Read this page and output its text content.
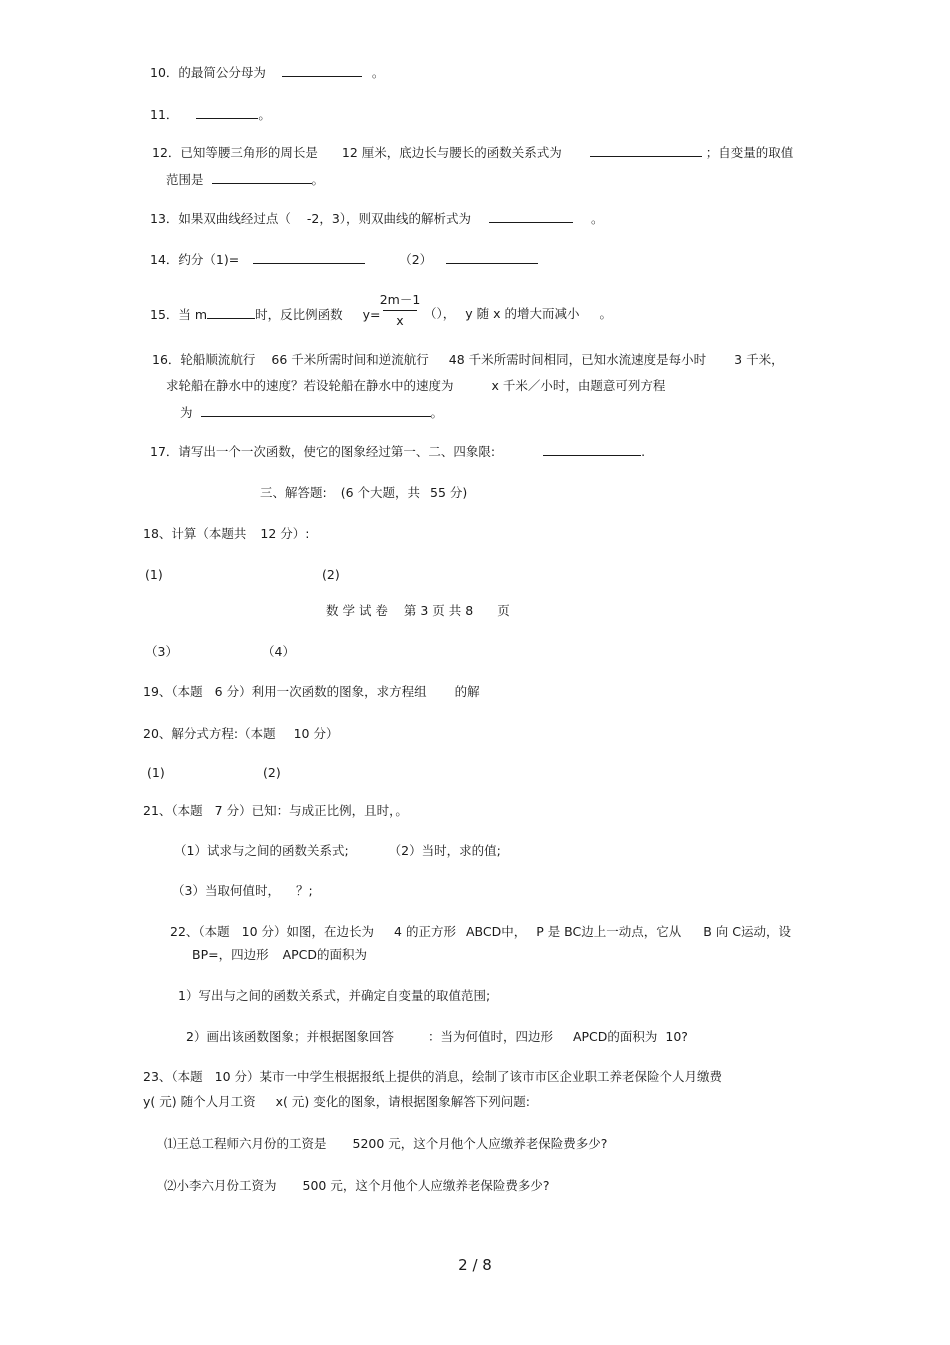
10．的最简公分母为	。
11．	。
12．已知等腰三角形的周长是 12 厘米，底边长与腰长的函数关系式为	；自变量的取值
范围是	。
13．如果双曲线经过点（ -2，3），则双曲线的解析式为	。
14．约分（1)=	（2）
15．当 m	时，反比例函数 y=
2m－1
x	（）， y 随 x 的增大而减小 。
16．轮船顺流航行 66 千米所需时间和逆流航行 48 千米所需时间相同，已知水流速度是每小时 3 千米，
求轮船在静水中的速度？若设轮船在静水中的速度为	x 千米／小时，由题意可列方程
为	。
17．请写出一个一次函数，使它的图象经过第一、二、四象限:	.
三、解答题: (6 个大题，共 55 分)
18、计算（本题共 12 分）:
(1)	(2)
数 学 试 卷 第 3 页 共 8 页
（3）	（4）
19、（本题 6 分）利用一次函数的图象，求方程组 的解
20、解分式方程:（本题 10 分）
(1)	(2)
21、（本题 7 分）已知：与成正比例，且时，。
（1）试求与之间的函数关系式;	（2）当时，求的值;
（3）当取何值时， ？;
22、（本题 10 分）如图，在边长为 4 的正方形 ABCD中， P 是 BC边上一动点，它从 B 向 C运动，设
BP=，四边形 APCD的面积为
1）写出与之间的函数关系式，并确定自变量的取值范围;
2）画出该函数图象；并根据图象回答	：当为何值时，四边形 APCD的面积为 10?
23、（本题 10 分）某市一中学生根据报纸上提供的消息，绘制了该市市区企业职工养老保险个人月缴费
y( 元) 随个人月工资 x( 元) 变化的图象，请根据图象解答下列问题:
⑴王总工程师六月份的工资是 5200 元，这个月他个人应缴养老保险费多少?
⑵小李六月份工资为 500 元，这个月他个人应缴养老保险费多少?
2 / 8
